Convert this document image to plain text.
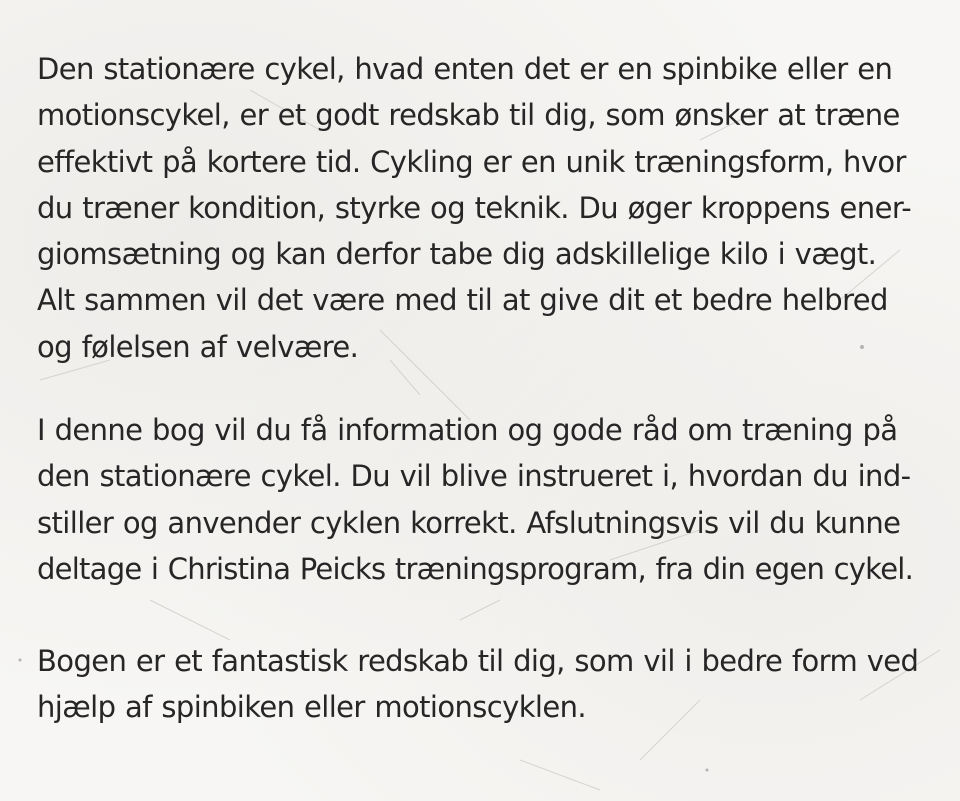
Den stationære cykel, hvad enten det er en spinbike eller en
motionscykel, er et godt redskab til dig, som ønsker at træne
effektivt på kortere tid. Cykling er en unik træningsform, hvor
du træner kondition, styrke og teknik. Du øger kroppens ener-
giomsætning og kan derfor tabe dig adskillelige kilo i vægt.
Alt sammen vil det være med til at give dit et bedre helbred
og følelsen af velvære.

I denne bog vil du få information og gode råd om træning på
den stationære cykel. Du vil blive instrueret i, hvordan du ind-
stiller og anvender cyklen korrekt. Afslutningsvis vil du kunne
deltage i Christina Peicks træningsprogram, fra din egen cykel.

Bogen er et fantastisk redskab til dig, som vil i bedre form ved
hjælp af spinbiken eller motionscyklen.
